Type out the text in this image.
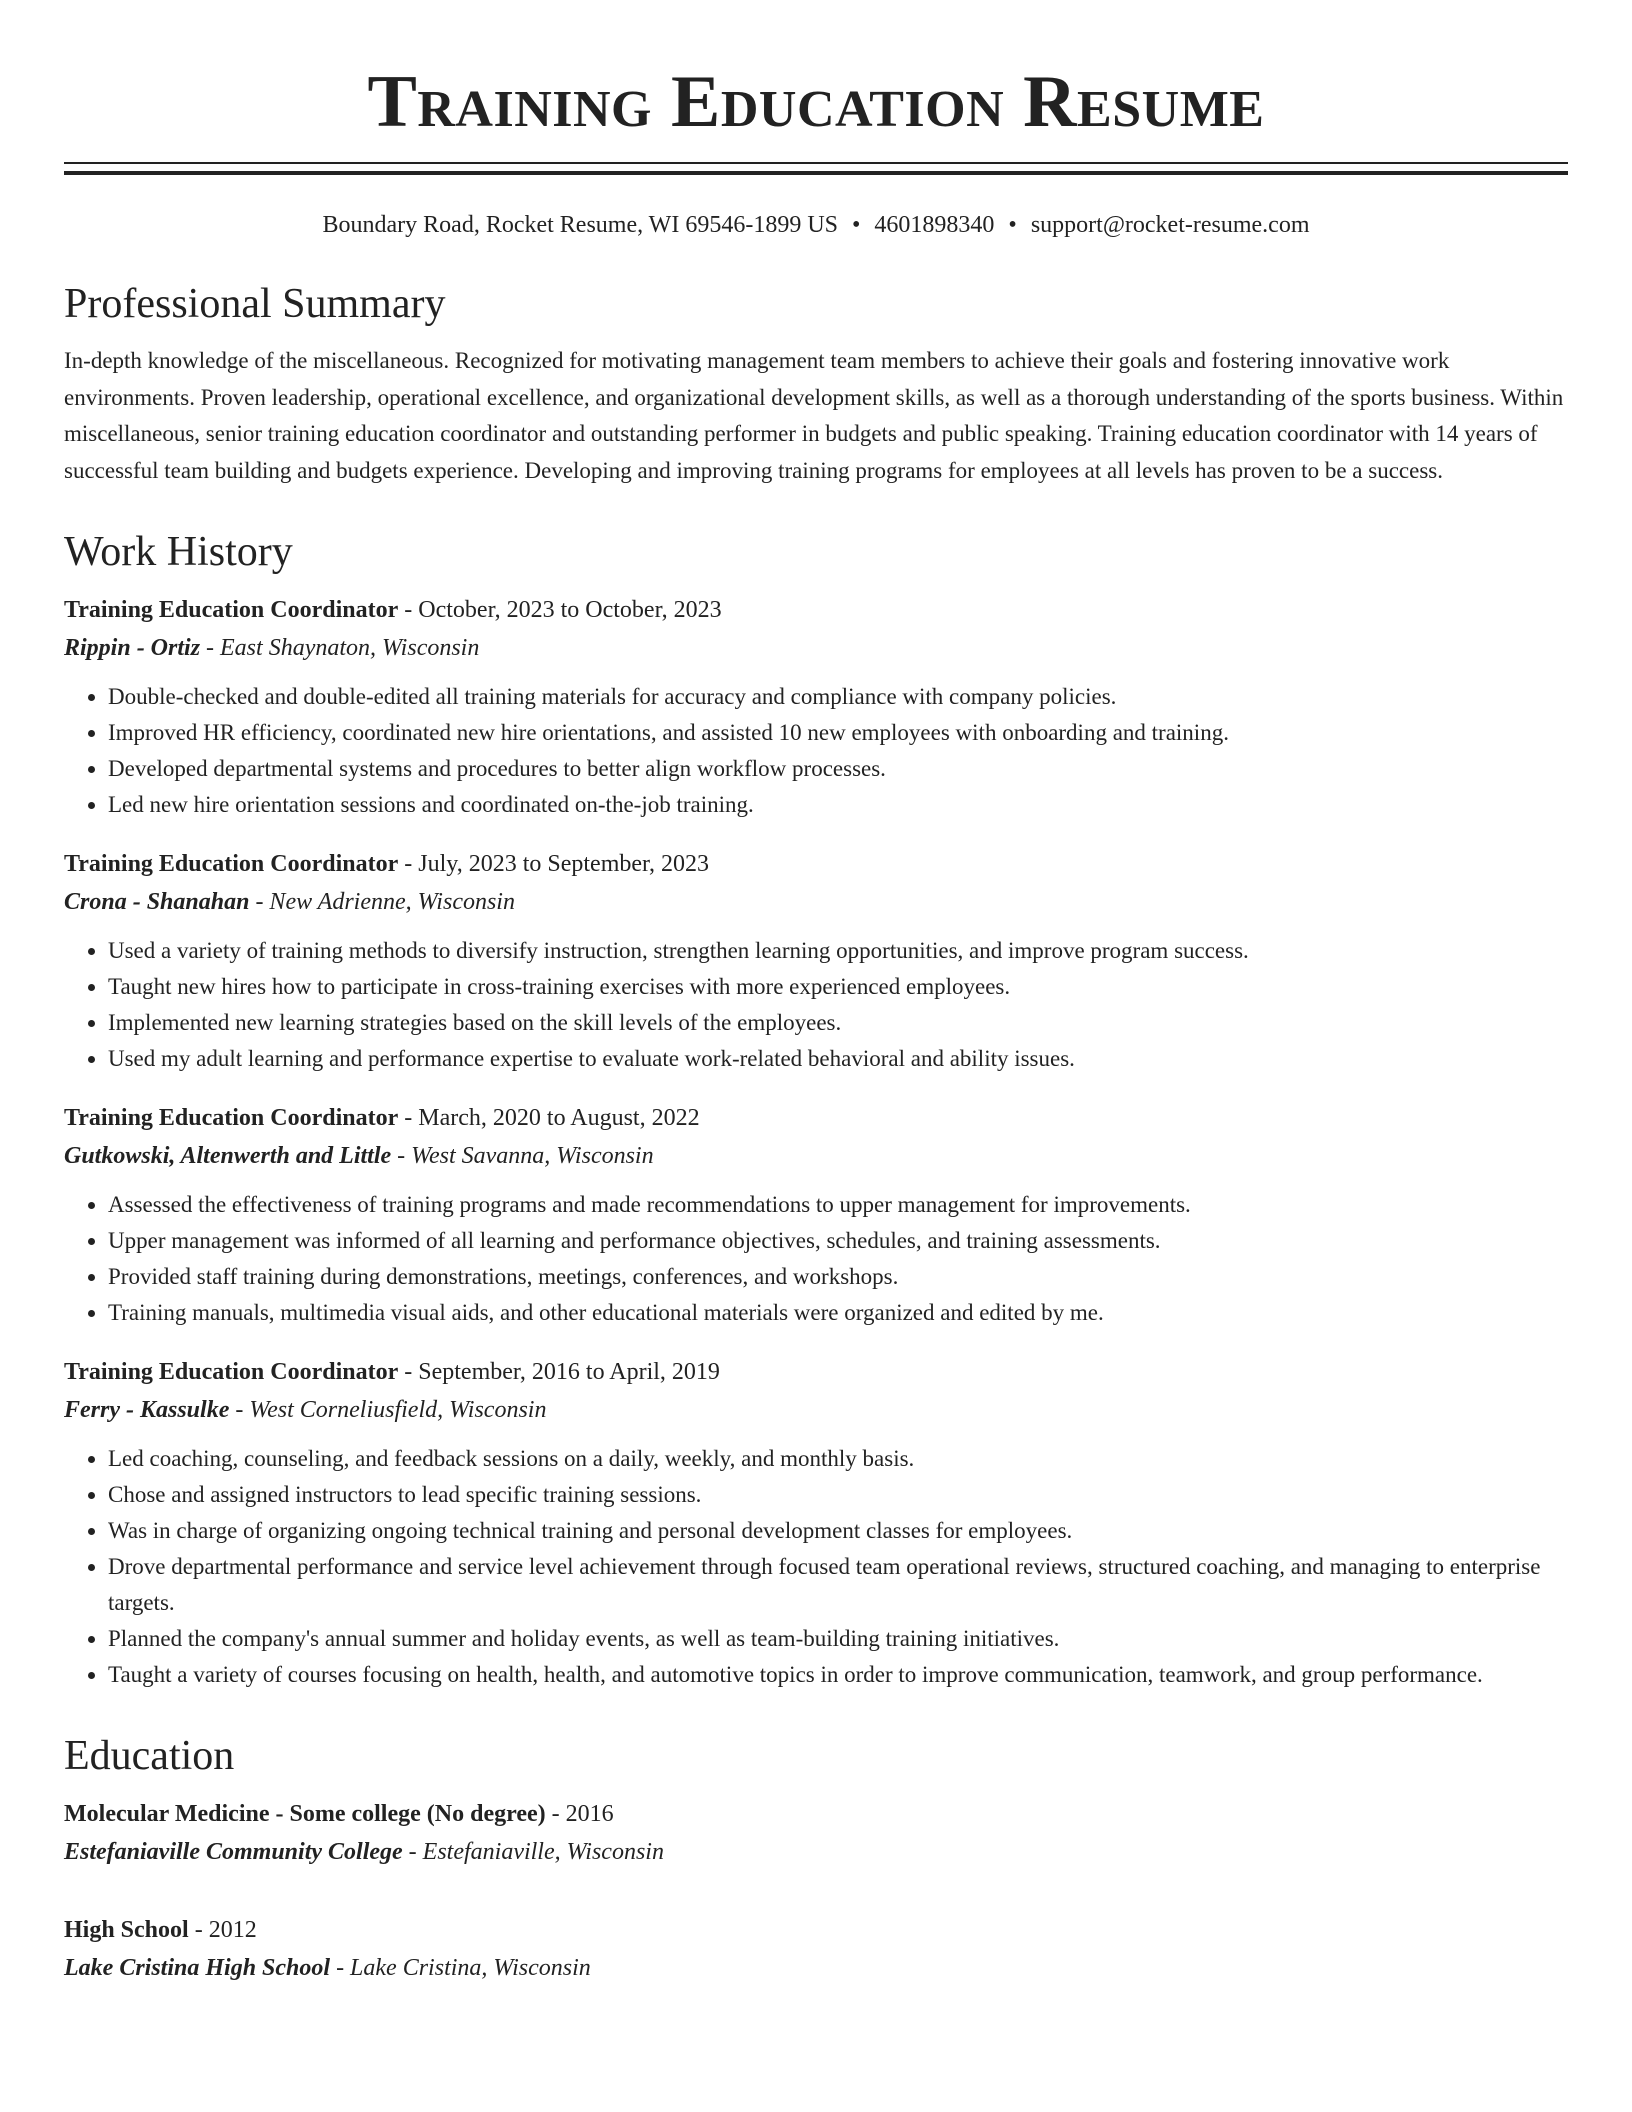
Training Education Resume
Boundary Road, Rocket Resume, WI 69546-1899 US • 4601898340 • support@rocket-resume.com
Professional Summary

In-depth knowledge of the miscellaneous. Recognized for motivating management team members to achieve their goals and fostering innovative work environments. Proven leadership, operational excellence, and organizational development skills, as well as a thorough understanding of the sports business. Within miscellaneous, senior training education coordinator and outstanding performer in budgets and public speaking. Training education coordinator with 14 years of successful team building and budgets experience. Developing and improving training programs for employees at all levels has proven to be a success.

Work History
Training Education Coordinator - October, 2023 to October, 2023
Rippin - Ortiz - East Shaynaton, Wisconsin
• Double-checked and double-edited all training materials for accuracy and compliance with company policies.
• Improved HR efficiency, coordinated new hire orientations, and assisted 10 new employees with onboarding and training.
• Developed departmental systems and procedures to better align workflow processes.
• Led new hire orientation sessions and coordinated on-the-job training.
Training Education Coordinator - July, 2023 to September, 2023
Crona - Shanahan - New Adrienne, Wisconsin
• Used a variety of training methods to diversify instruction, strengthen learning opportunities, and improve program success.
• Taught new hires how to participate in cross-training exercises with more experienced employees.
• Implemented new learning strategies based on the skill levels of the employees.
• Used my adult learning and performance expertise to evaluate work-related behavioral and ability issues.
Training Education Coordinator - March, 2020 to August, 2022
Gutkowski, Altenwerth and Little - West Savanna, Wisconsin
• Assessed the effectiveness of training programs and made recommendations to upper management for improvements.
• Upper management was informed of all learning and performance objectives, schedules, and training assessments.
• Provided staff training during demonstrations, meetings, conferences, and workshops.
• Training manuals, multimedia visual aids, and other educational materials were organized and edited by me.
Training Education Coordinator - September, 2016 to April, 2019
Ferry - Kassulke - West Corneliusfield, Wisconsin
• Led coaching, counseling, and feedback sessions on a daily, weekly, and monthly basis.
• Chose and assigned instructors to lead specific training sessions.
• Was in charge of organizing ongoing technical training and personal development classes for employees.
• Drove departmental performance and service level achievement through focused team operational reviews, structured coaching, and managing to enterprise targets.
• Planned the company's annual summer and holiday events, as well as team-building training initiatives.
• Taught a variety of courses focusing on health, health, and automotive topics in order to improve communication, teamwork, and group performance.
Education
Molecular Medicine - Some college (No degree) - 2016
Estefaniaville Community College - Estefaniaville, Wisconsin
High School - 2012
Lake Cristina High School - Lake Cristina, Wisconsin
